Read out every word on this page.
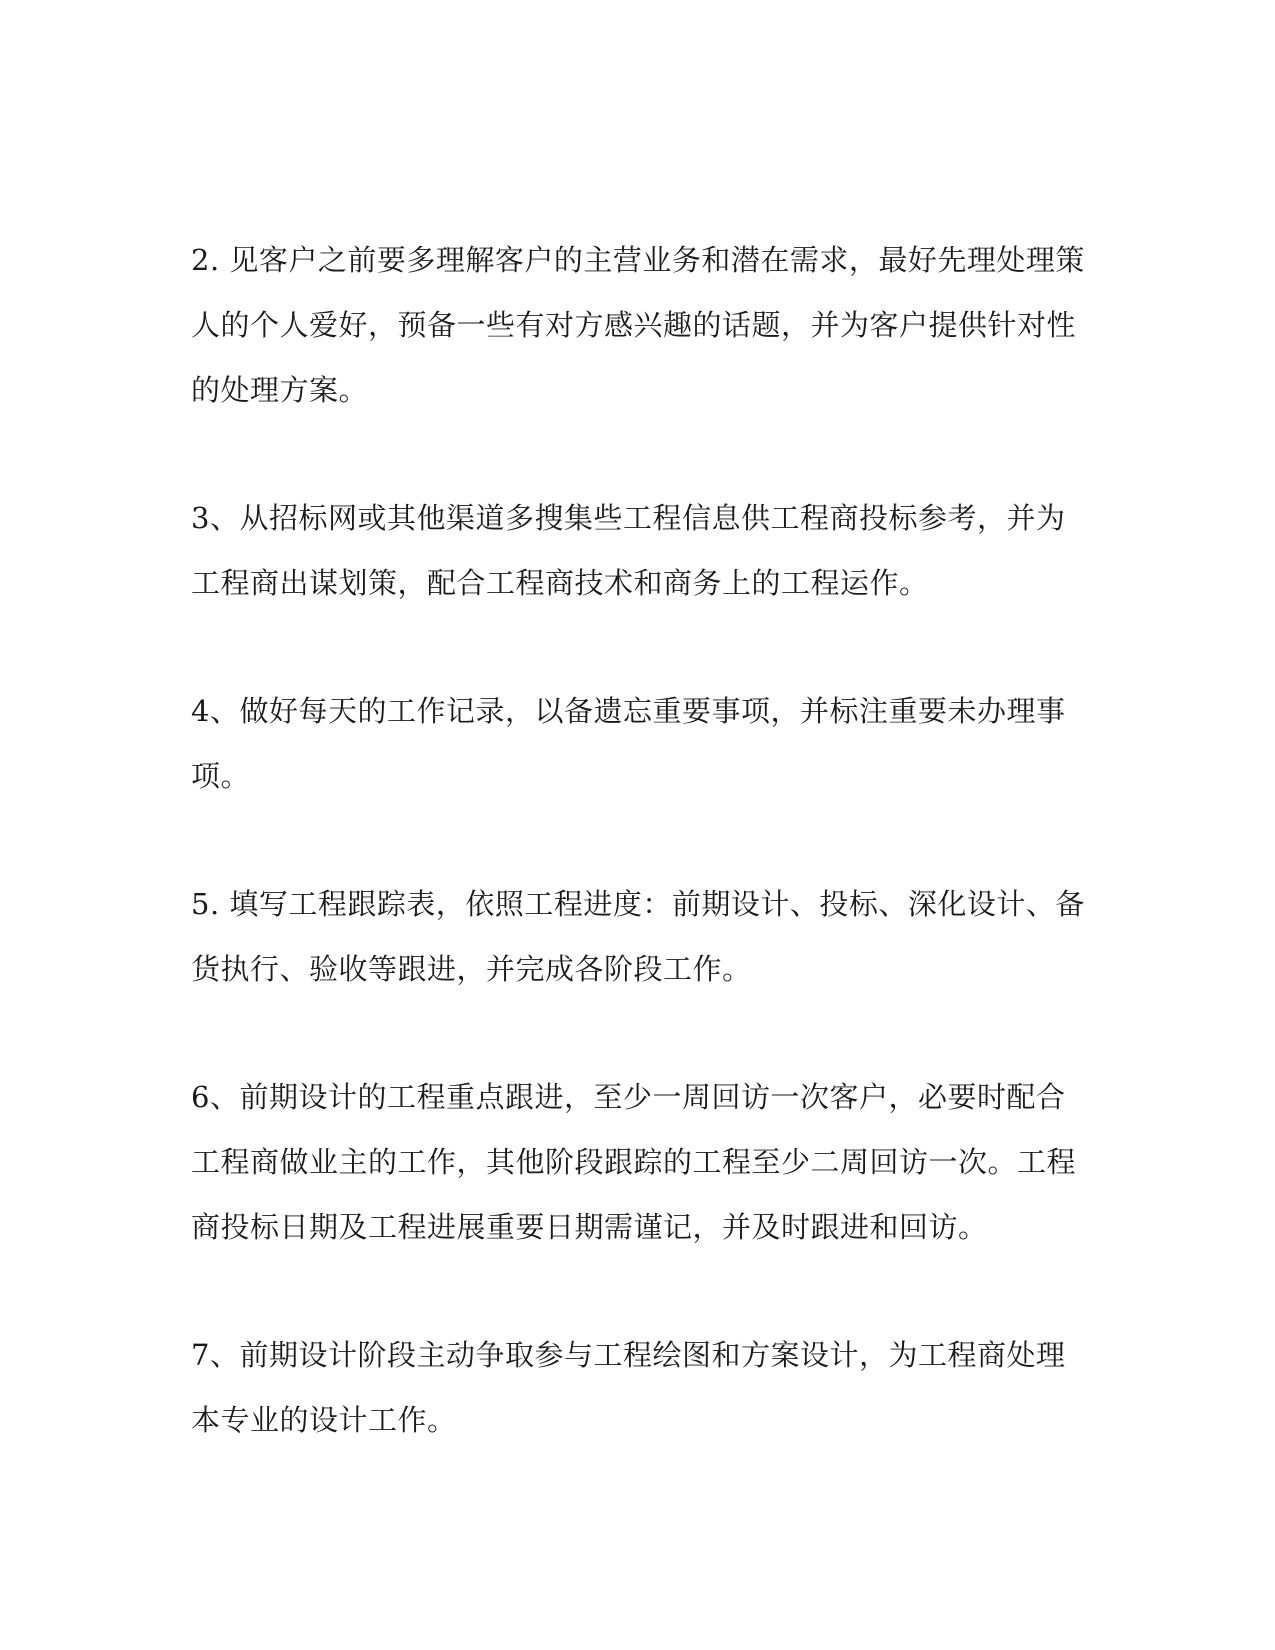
2. 见客户之前要多理解客户的主营业务和潜在需求，最好先理处理策人的个人爱好，预备一些有对方感兴趣的话题，并为客户提供针对性的处理方案。

3、从招标网或其他渠道多搜集些工程信息供工程商投标参考，并为工程商出谋划策，配合工程商技术和商务上的工程运作。

4、做好每天的工作记录，以备遗忘重要事项，并标注重要未办理事项。

5. 填写工程跟踪表，依照工程进度：前期设计、投标、深化设计、备货执行、验收等跟进，并完成各阶段工作。

6、前期设计的工程重点跟进，至少一周回访一次客户，必要时配合工程商做业主的工作，其他阶段跟踪的工程至少二周回访一次。工程商投标日期及工程进展重要日期需谨记，并及时跟进和回访。

7、前期设计阶段主动争取参与工程绘图和方案设计，为工程商处理本专业的设计工作。
